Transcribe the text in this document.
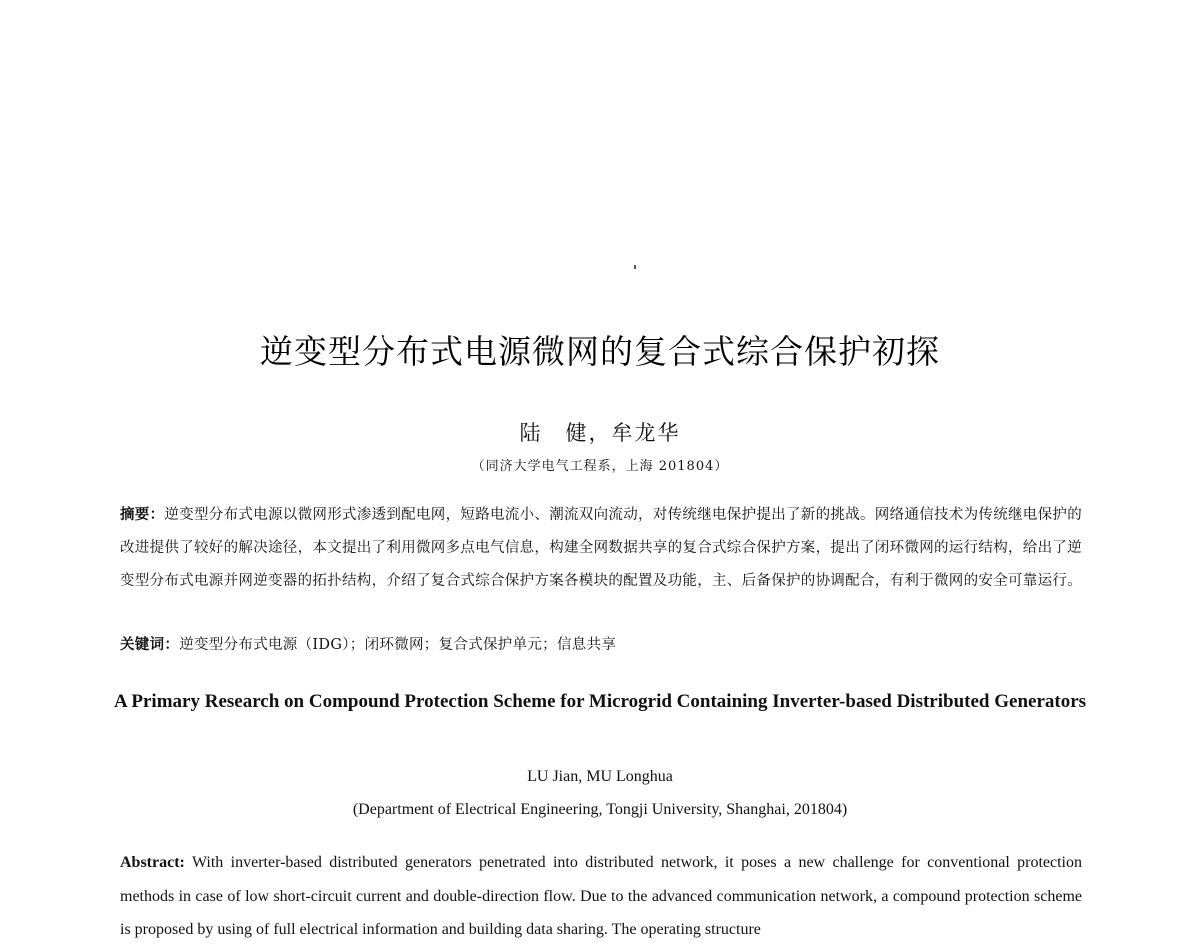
逆变型分布式电源微网的复合式综合保护初探
陆　健，牟龙华
（同济大学电气工程系，上海 201804）
摘要：逆变型分布式电源以微网形式渗透到配电网，短路电流小、潮流双向流动，对传统继电保护提出了新的挑战。网络通信技术为传统继电保护的改进提供了较好的解决途径，本文提出了利用微网多点电气信息，构建全网数据共享的复合式综合保护方案，提出了闭环微网的运行结构，给出了逆变型分布式电源并网逆变器的拓扑结构，介绍了复合式综合保护方案各模块的配置及功能，主、后备保护的协调配合，有利于微网的安全可靠运行。
关键词：逆变型分布式电源（IDG）；闭环微网；复合式保护单元；信息共享
A Primary Research on Compound Protection Scheme for Microgrid Containing Inverter-based Distributed Generators
LU Jian, MU Longhua
(Department of Electrical Engineering, Tongji University, Shanghai, 201804)
Abstract: With inverter-based distributed generators penetrated into distributed network, it poses a new challenge for conventional protection methods in case of low short-circuit current and double-direction flow. Due to the advanced communication network, a compound protection scheme is proposed by using of full electrical information and building data sharing. The operating structure
